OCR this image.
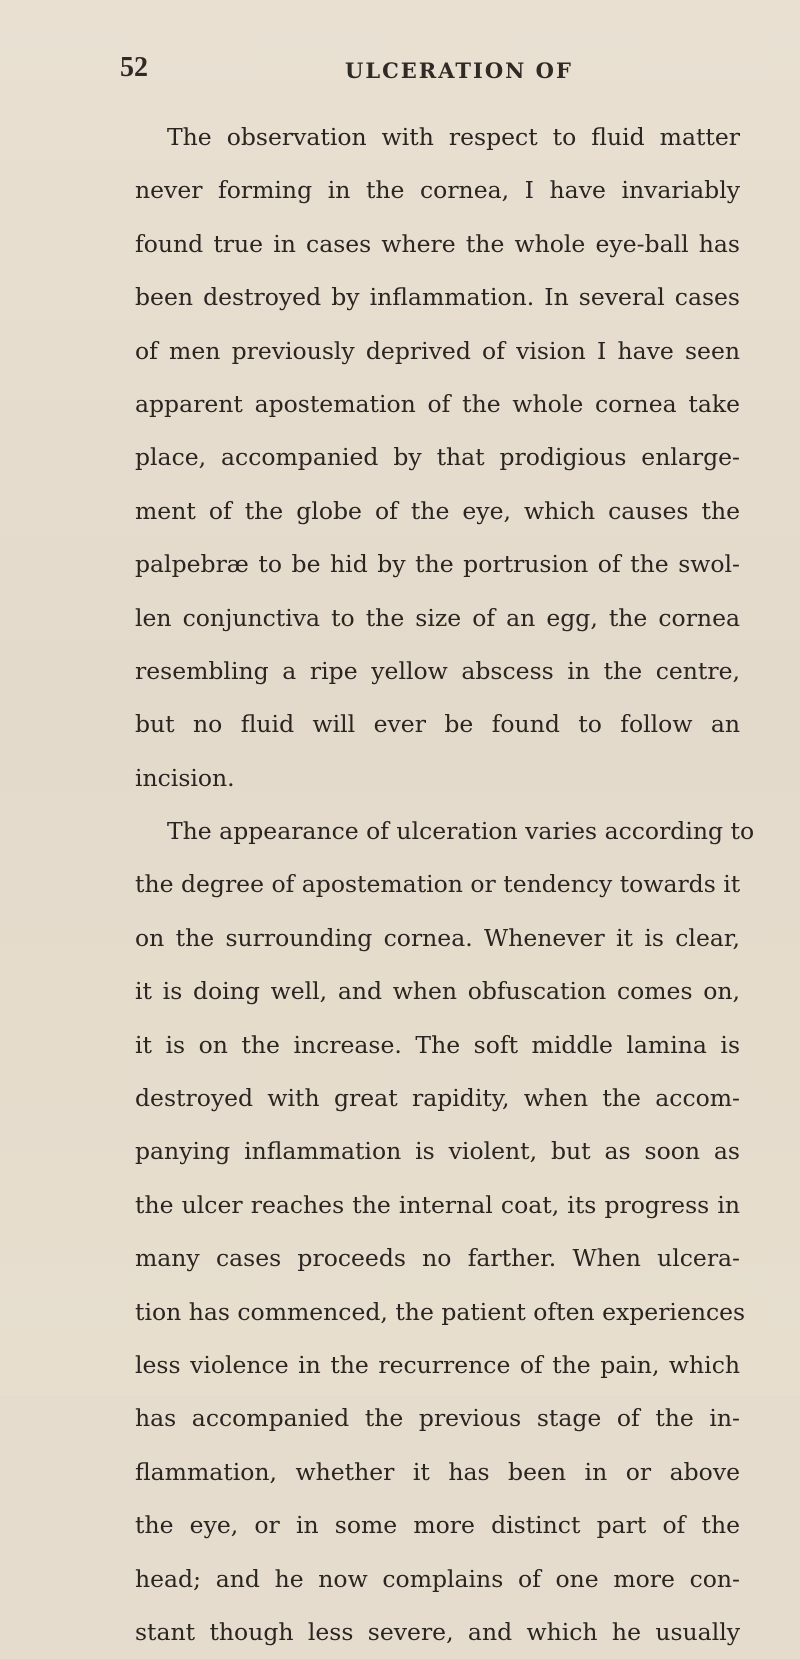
52	ULCERATION OF
The observation with respect to fluid matter
never forming in the cornea, I have invariably
found true in cases where the whole eye-ball has
been destroyed by inflammation. In several cases
of men previously deprived of vision I have seen
apparent apostemation of the whole cornea take
place, accompanied by that prodigious enlarge-
ment of the globe of the eye, which causes the
palpebræ to be hid by the portrusion of the swol-
len conjunctiva to the size of an egg, the cornea
resembling a ripe yellow abscess in the centre,
but no fluid will ever be found to follow an
incision.
The appearance of ulceration varies according to
the degree of apostemation or tendency towards it
on the surrounding cornea. Whenever it is clear,
it is doing well, and when obfuscation comes on,
it is on the increase. The soft middle lamina is
destroyed with great rapidity, when the accom-
panying inflammation is violent, but as soon as
the ulcer reaches the internal coat, its progress in
many cases proceeds no farther. When ulcera-
tion has commenced, the patient often experiences
less violence in the recurrence of the pain, which
has accompanied the previous stage of the in-
flammation, whether it has been in or above
the eye, or in some more distinct part of the
head; and he now complains of one more con-
stant though less severe, and which he usually
